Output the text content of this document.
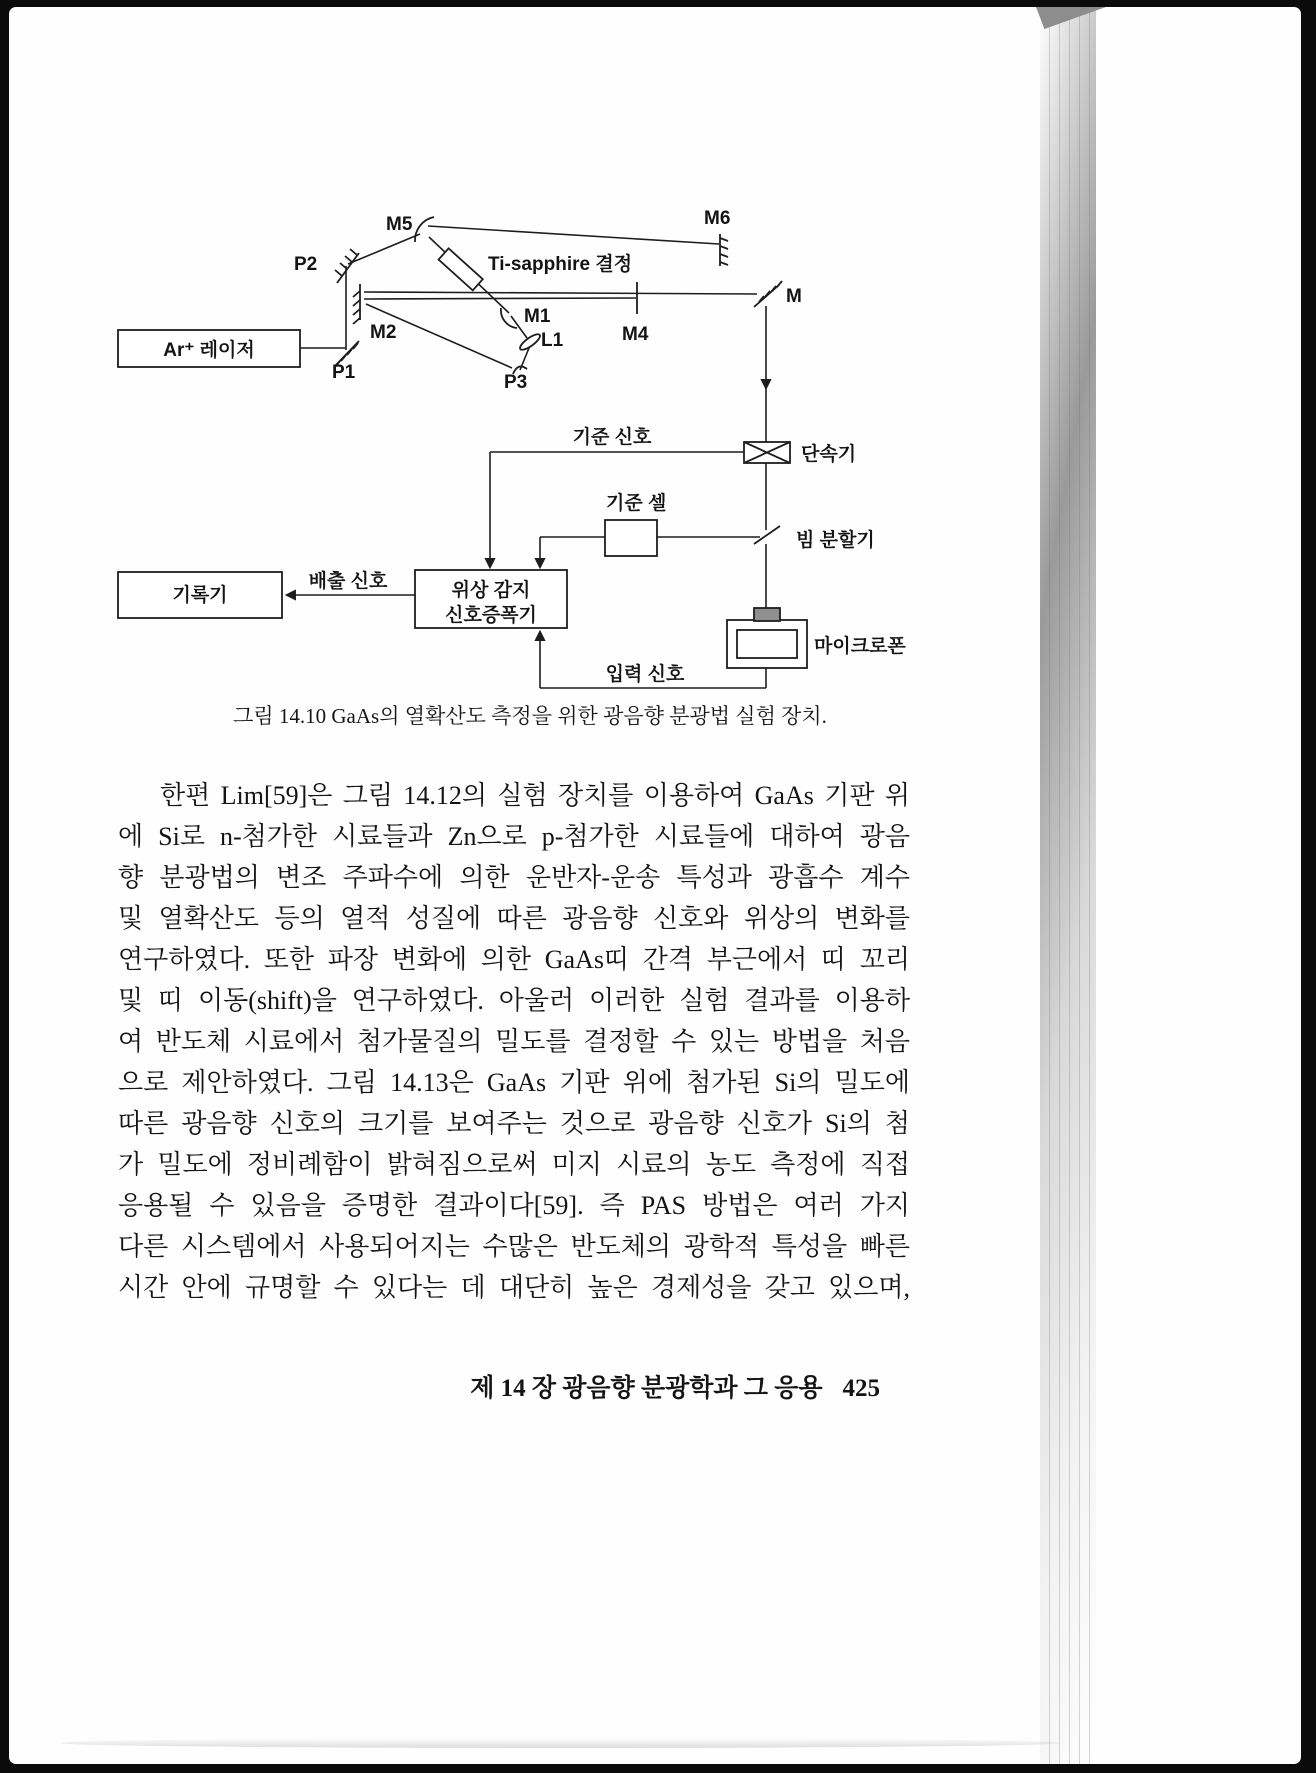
M5	M6
P2	Ti-sapphire 결정
M
M2
M1
L1	M4
P1	P3
Ar⁺ 레이저
기준 신호
단속기
기준 셀
빔 분할기
기록기
배출 신호	위상 감지
신호증폭기
마이크로폰
입력 신호
그림 14.10 GaAs의 열확산도 측정을 위한 광음향 분광법 실험 장치.
한편 Lim[59]은 그림 14.12의 실험 장치를 이용하여 GaAs 기판 위
에 Si로 n-첨가한 시료들과 Zn으로 p-첨가한 시료들에 대하여 광음
향 분광법의 변조 주파수에 의한 운반자-운송 특성과 광흡수 계수
및 열확산도 등의 열적 성질에 따른 광음향 신호와 위상의 변화를
연구하였다. 또한 파장 변화에 의한 GaAs띠 간격 부근에서 띠 꼬리
및 띠 이동(shift)을 연구하였다. 아울러 이러한 실험 결과를 이용하
여 반도체 시료에서 첨가물질의 밀도를 결정할 수 있는 방법을 처음
으로 제안하였다. 그림 14.13은 GaAs 기판 위에 첨가된 Si의 밀도에
따른 광음향 신호의 크기를 보여주는 것으로 광음향 신호가 Si의 첨
가 밀도에 정비례함이 밝혀짐으로써 미지 시료의 농도 측정에 직접
응용될 수 있음을 증명한 결과이다[59]. 즉 PAS 방법은 여러 가지
다른 시스템에서 사용되어지는 수많은 반도체의 광학적 특성을 빠른
시간 안에 규명할 수 있다는 데 대단히 높은 경제성을 갖고 있으며,
제 14 장 광음향 분광학과 그 응용 425
